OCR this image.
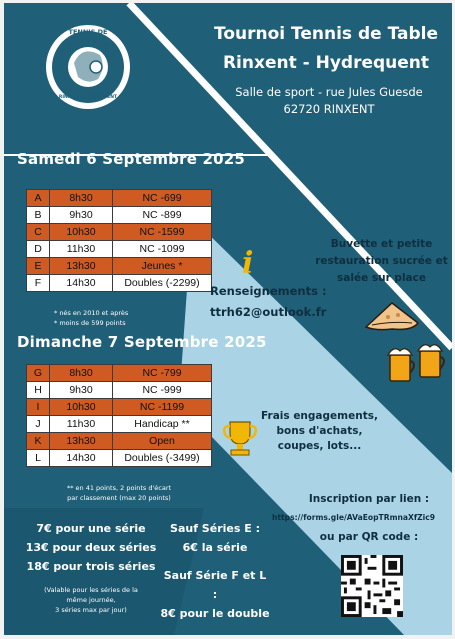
TENNIS DE TABLE
RINXENT-HYDREQUENT
Tournoi Tennis de Table
Rinxent - Hydrequent
Salle de sport - rue Jules Guesde
62720 RINXENT
Samedi 6 Septembre 2025
A	8h30	NC -699
B	9h30	NC -899
C	10h30	NC -1599
D	11h30	NC -1099
E	13h30	Jeunes *
F	14h30	Doubles (-2299)
* nés en 2010 et après
* moins de 599 points
Dimanche 7 Septembre 2025
G	8h30	NC -799
H	9h30	NC -999
I	10h30	NC -1199
J	11h30	Handicap **
K	13h30	Open
L	14h30	Doubles (-3499)
** en 41 points, 2 points d'écart
par classement (max 20 points)
i
Renseignements :
ttrh62@outlook.fr
Buvette et petite
restauration sucrée et
salée sur place
Frais engagements,
bons d'achats,
coupes, lots...
Inscription par lien :
https://forms.gle/AVaEopTRmnaXfZic9
ou par QR code :
7€ pour une série
13€ pour deux séries
18€ pour trois séries
(Valable pour les séries de la
même journée,
3 séries max par jour)
Sauf Séries E :
6€ la série
Sauf Série F et L :
8€ pour le double
